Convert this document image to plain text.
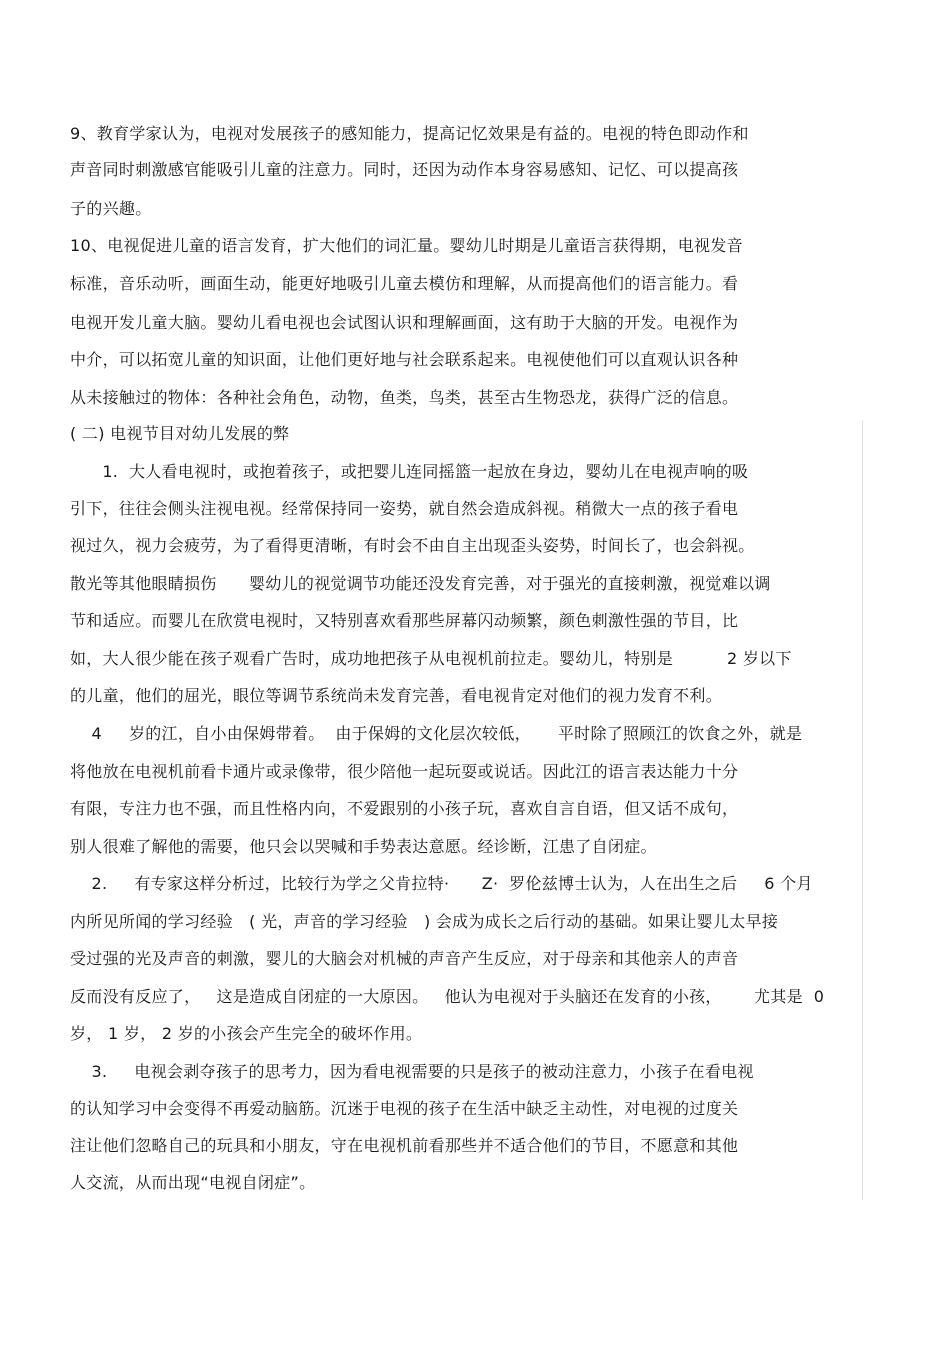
9、教育学家认为，电视对发展孩子的感知能力，提高记忆效果是有益的。电视的特色即动作和
声音同时刺激感官能吸引儿童的注意力。同时，还因为动作本身容易感知、记忆、可以提高孩
子的兴趣。
10、电视促进儿童的语言发育，扩大他们的词汇量。婴幼儿时期是儿童语言获得期，电视发音
标准，音乐动听，画面生动，能更好地吸引儿童去模仿和理解，从而提高他们的语言能力。看
电视开发儿童大脑。婴幼儿看电视也会试图认识和理解画面，这有助于大脑的开发。电视作为
中介，可以拓宽儿童的知识面，让他们更好地与社会联系起来。电视使他们可以直观认识各种
从未接触过的物体：各种社会角色，动物，鱼类，鸟类，甚至古生物恐龙，获得广泛的信息。
( 二) 电视节目对幼儿发展的弊
1.  大人看电视时，或抱着孩子，或把婴儿连同摇篮一起放在身边，婴幼儿在电视声响的吸
引下，往往会侧头注视电视。经常保持同一姿势，就自然会造成斜视。稍微大一点的孩子看电
视过久，视力会疲劳，为了看得更清晰，有时会不由自主出现歪头姿势，时间长了，也会斜视。
散光等其他眼睛损伤      婴幼儿的视觉调节功能还没发育完善，对于强光的直接刺激，视觉难以调
节和适应。而婴儿在欣赏电视时，又特别喜欢看那些屏幕闪动频繁，颜色刺激性强的节目，比
如，大人很少能在孩子观看广告时，成功地把孩子从电视机前拉走。婴幼儿，特别是          2 岁以下
的儿童，他们的屈光，眼位等调节系统尚未发育完善，看电视肯定对他们的视力发育不利。
4     岁的江，自小由保姆带着。  由于保姆的文化层次较低，     平时除了照顾江的饮食之外，就是
将他放在电视机前看卡通片或录像带，很少陪他一起玩耍或说话。因此江的语言表达能力十分
有限，专注力也不强，而且性格内向，不爱跟别的小孩子玩，喜欢自言自语，但又话不成句，
别人很难了解他的需要，他只会以哭喊和手势表达意愿。经诊断，江患了自闭症。
2.     有专家这样分析过，比较行为学之父肯拉特·      Z·  罗伦兹博士认为，人在出生之后     6 个月
内所见所闻的学习经验   ( 光，声音的学习经验   ) 会成为成长之后行动的基础。如果让婴儿太早接
受过强的光及声音的刺激，婴儿的大脑会对机械的声音产生反应，对于母亲和其他亲人的声音
反而没有反应了，   这是造成自闭症的一大原因。   他认为电视对于头脑还在发育的小孩，      尤其是  0
岁， 1 岁， 2 岁的小孩会产生完全的破坏作用。
3.     电视会剥夺孩子的思考力，因为看电视需要的只是孩子的被动注意力，小孩子在看电视
的认知学习中会变得不再爱动脑筋。沉迷于电视的孩子在生活中缺乏主动性，对电视的过度关
注让他们忽略自己的玩具和小朋友，守在电视机前看那些并不适合他们的节目，不愿意和其他
人交流，从而出现“电视自闭症”。
